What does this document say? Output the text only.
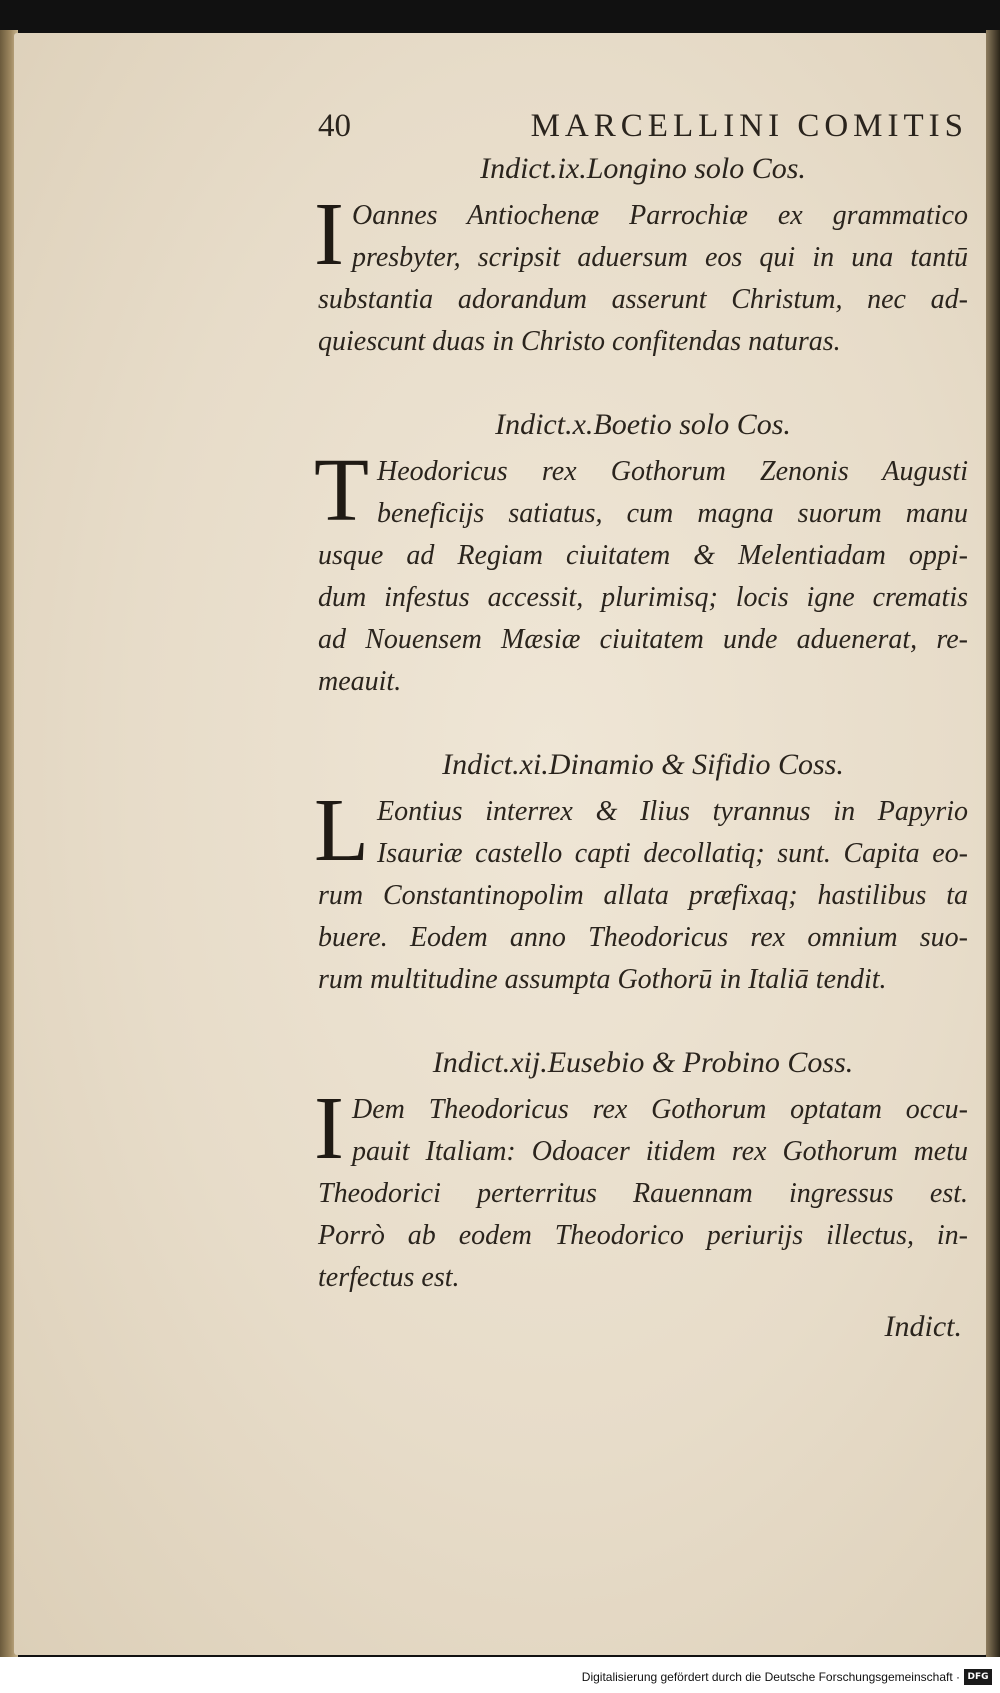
40	MARCELLINI COMITIS
Indict.ix.Longino solo Cos.
I Oannes Antiochenæ Parrochiæ ex grammatico
presbyter, scripsit aduersum eos qui in una tantū
substantia adorandum asserunt Christum, nec ad-
quiescunt duas in Christo confitendas naturas.
Indict.x.Boetio solo Cos.
T Heodoricus rex Gothorum Zenonis Augusti
beneficijs satiatus, cum magna suorum manu
usque ad Regiam ciuitatem & Melentiadam oppi-
dum infestus accessit, plurimisq; locis igne crematis
ad Nouensem Mæsiæ ciuitatem unde aduenerat, re-
meauit.
Indict.xi.Dinamio & Sifidio Coss.
L Eontius interrex & Ilius tyrannus in Papyrio
Isauriæ castello capti decollatiq; sunt. Capita eo-
rum Constantinopolim allata præfixaq; hastilibus ta
buere. Eodem anno Theodoricus rex omnium suo-
rum multitudine assumpta Gothorū in Italiā tendit.
Indict.xij.Eusebio & Probino Coss.
I Dem Theodoricus rex Gothorum optatam occu-
pauit Italiam: Odoacer itidem rex Gothorum metu
Theodorici perterritus Rauennam ingressus est.
Porrò ab eodem Theodorico periurijs illectus, in-
terfectus est.
Indict.
Digitalisierung gefördert durch die Deutsche Forschungsgemeinschaft · DFG
